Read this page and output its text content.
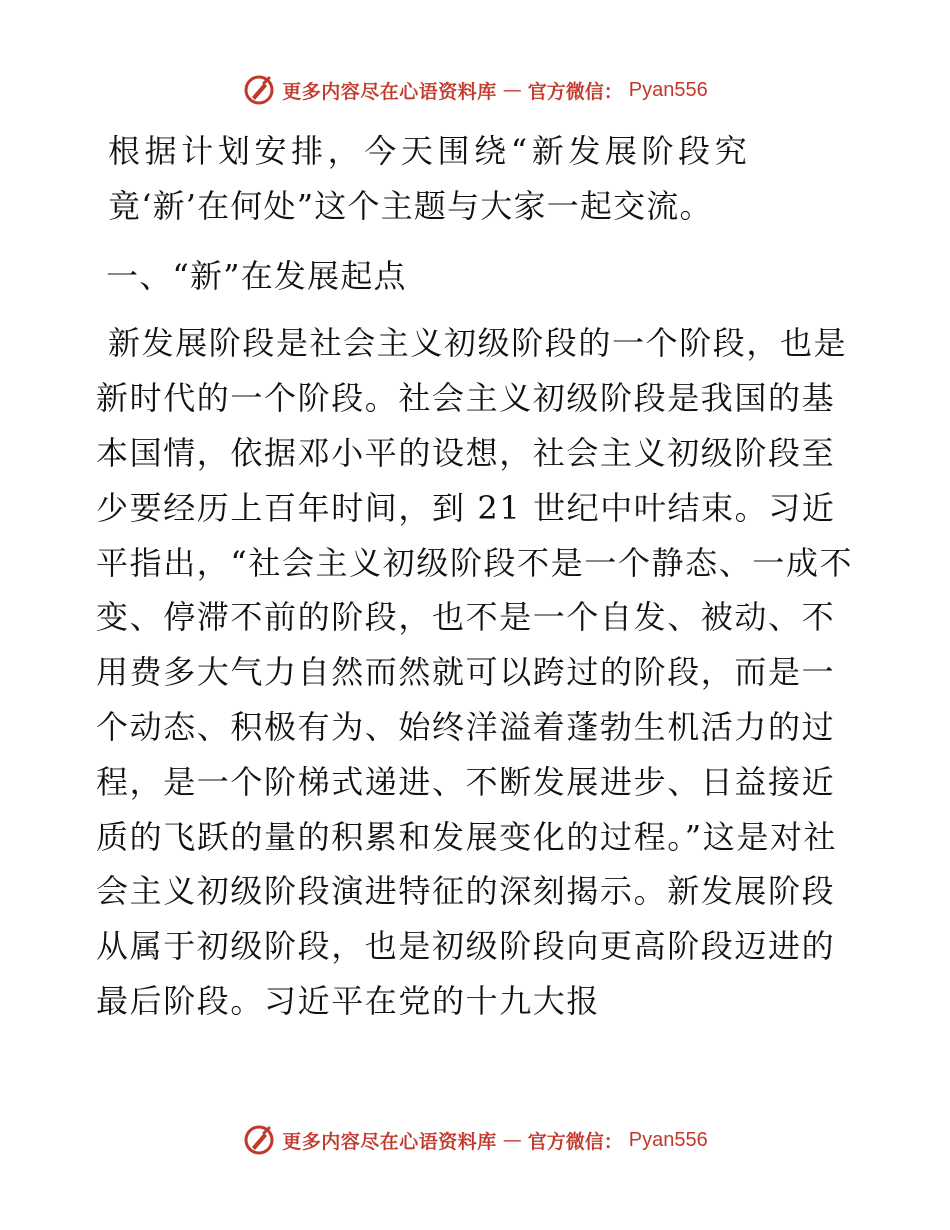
更多内容尽在心语资料库 — 官方微信： Pyan556

根据计划安排，今天围绕“新发展阶段究竟‘新’在何处”这个主题与大家一起交流。

一、“新”在发展起点

新发展阶段是社会主义初级阶段的一个阶段，也是新时代的一个阶段。社会主义初级阶段是我国的基本国情，依据邓小平的设想，社会主义初级阶段至少要经历上百年时间，到 21 世纪中叶结束。习近平指出，“社会主义初级阶段不是一个静态、一成不变、停滞不前的阶段，也不是一个自发、被动、不用费多大气力自然而然就可以跨过的阶段，而是一个动态、积极有为、始终洋溢着蓬勃生机活力的过程，是一个阶梯式递进、不断发展进步、日益接近质的飞跃的量的积累和发展变化的过程。”这是对社会主义初级阶段演进特征的深刻揭示。新发展阶段从属于初级阶段，也是初级阶段向更高阶段迈进的最后阶段。习近平在党的十九大报

更多内容尽在心语资料库 — 官方微信： Pyan556
